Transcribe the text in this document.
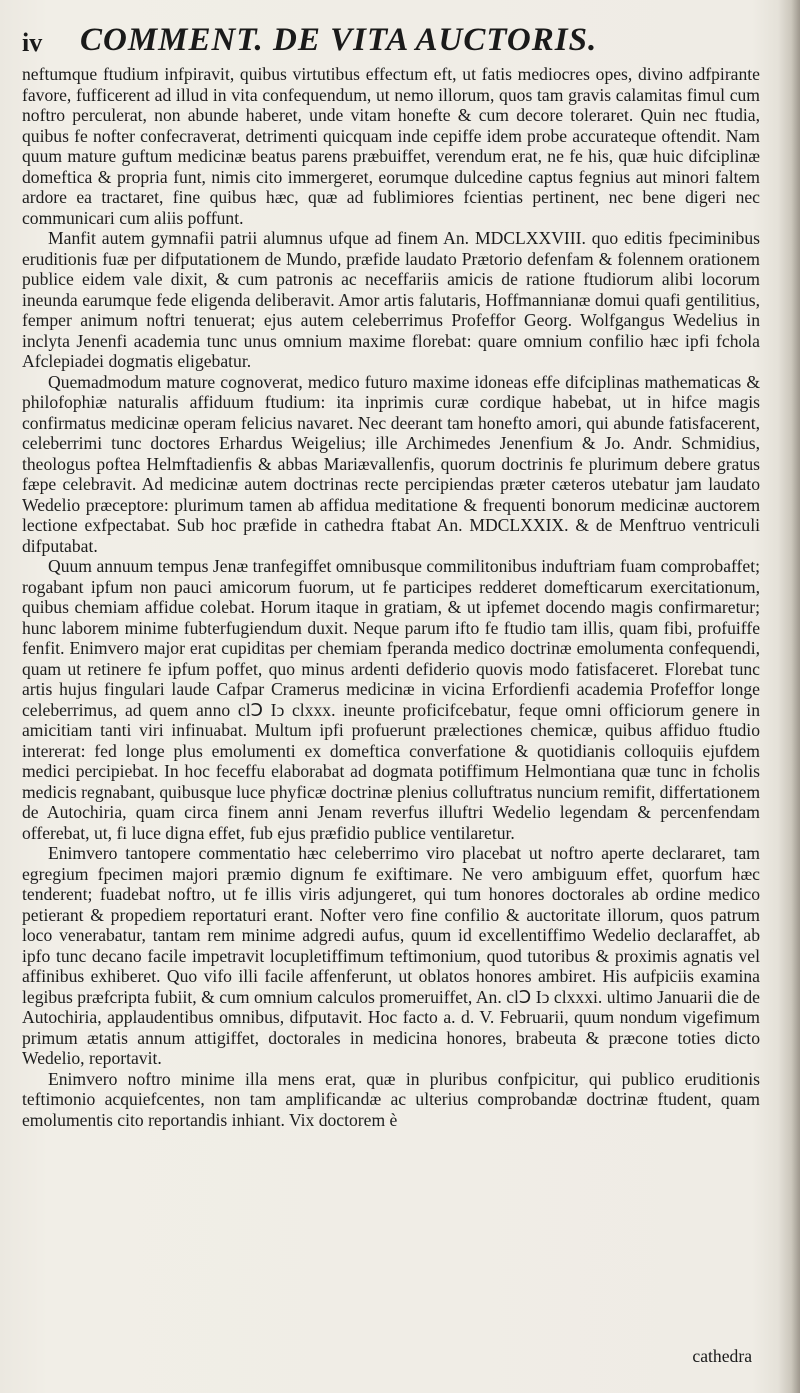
iv COMMENT. DE VITA AUCTORIS.

neftumque ftudium infpiravit, quibus virtutibus effectum eft, ut fatis mediocres opes, divino adfpirante favore, fufficerent ad illud in vita confequendum, ut nemo illorum, quos tam gravis calamitas fimul cum noftro perculerat, non abunde haberet, unde vitam honefte & cum decore toleraret. Quin nec ftudia, quibus fe nofter confecraverat, detrimenti quicquam inde cepiffe idem probe accurateque oftendit. Nam quum mature guftum medicinæ beatus parens præbuiffet, verendum erat, ne fe his, quæ huic difciplinæ domeftica & propria funt, nimis cito immergeret, eorumque dulcedine captus fegnius aut minori faltem ardore ea tractaret, fine quibus hæc, quæ ad fublimiores fcientias pertinent, nec bene digeri nec communicari cum aliis poffunt.

Manfit autem gymnafii patrii alumnus ufque ad finem An. MDCLXXVIII. quo editis fpeciminibus eruditionis fuæ per difputationem de Mundo, præfide laudato Prætorio defenfam & folennem orationem publice eidem vale dixit, & cum patronis ac neceffariis amicis de ratione ftudiorum alibi locorum ineunda earumque fede eligenda deliberavit. Amor artis falutaris, Hoffmannianæ domui quafi gentilitius, femper animum noftri tenuerat; ejus autem celeberrimus Profeffor Georg. Wolfgangus Wedelius in inclyta Jenenfi academia tunc unus omnium maxime florebat: quare omnium confilio hæc ipfi fchola Afclepiadei dogmatis eligebatur.

Quemadmodum mature cognoverat, medico futuro maxime idoneas effe difciplinas mathematicas & philofophiæ naturalis affiduum ftudium: ita inprimis curæ cordique habebat, ut in hifce magis confirmatus medicinæ operam felicius navaret. Nec deerant tam honefto amori, qui abunde fatisfacerent, celeberrimi tunc doctores Erhardus Weigelius; ille Archimedes Jenenfium & Jo. Andr. Schmidius, theologus poftea Helmftadienfis & abbas Mariævallenfis, quorum doctrinis fe plurimum debere gratus fæpe celebravit. Ad medicinæ autem doctrinas recte percipiendas præter cæteros utebatur jam laudato Wedelio præceptore: plurimum tamen ab affidua meditatione & frequenti bonorum medicinæ auctorem lectione exfpectabat. Sub hoc præfide in cathedra ftabat An. MDCLXXIX. & de Menftruo ventriculi difputabat.

Quum annuum tempus Jenæ tranfegiffet omnibusque commilitonibus induftriam fuam comprobaffet; rogabant ipfum non pauci amicorum fuorum, ut fe participes redderet domefticarum exercitationum, quibus chemiam affidue colebat. Horum itaque in gratiam, & ut ipfemet docendo magis confirmaretur; hunc laborem minime fubterfugiendum duxit. Neque parum ifto fe ftudio tam illis, quam fibi, profuiffe fenfit. Enimvero major erat cupiditas per chemiam fperanda medico doctrinæ emolumenta confequendi, quam ut retinere fe ipfum poffet, quo minus ardenti defiderio quovis modo fatisfaceret. Florebat tunc artis hujus fingulari laude Cafpar Cramerus medicinæ in vicina Erfordienfi academia Profeffor longe celeberrimus, ad quem anno clↃ Iↄ clxxx. ineunte proficifcebatur, feque omni officiorum genere in amicitiam tanti viri infinuabat. Multum ipfi profuerunt prælectiones chemicæ, quibus affiduo ftudio intererat: fed longe plus emolumenti ex domeftica converfatione & quotidianis colloquiis ejufdem medici percipiebat. In hoc feceffu elaborabat ad dogmata potiffimum Helmontiana quæ tunc in fcholis medicis regnabant, quibusque luce phyficæ doctrinæ plenius colluftratus nuncium remifit, differtationem de Autochiria, quam circa finem anni Jenam reverfus illuftri Wedelio legendam & percenfendam offerebat, ut, fi luce digna effet, fub ejus præfidio publice ventilaretur.

Enimvero tantopere commentatio hæc celeberrimo viro placebat ut noftro aperte declararet, tam egregium fpecimen majori præmio dignum fe exiftimare. Ne vero ambiguum effet, quorfum hæc tenderent; fuadebat noftro, ut fe illis viris adjungeret, qui tum honores doctorales ab ordine medico petierant & propediem reportaturi erant. Nofter vero fine confilio & auctoritate illorum, quos patrum loco venerabatur, tantam rem minime adgredi aufus, quum id excellentiffimo Wedelio declaraffet, ab ipfo tunc decano facile impetravit locupletiffimum teftimonium, quod tutoribus & proximis agnatis vel affinibus exhiberet. Quo vifo illi facile affenferunt, ut oblatos honores ambiret. His aufpiciis examina legibus præfcripta fubiit, & cum omnium calculos promeruiffet, An. clↃ Iↄ clxxxi. ultimo Januarii die de Autochiria, applaudentibus omnibus, difputavit. Hoc facto a. d. V. Februarii, quum nondum vigefimum primum ætatis annum attigiffet, doctorales in medicina honores, brabeuta & præcone toties dicto Wedelio, reportavit.

Enimvero noftro minime illa mens erat, quæ in pluribus confpicitur, qui publico eruditionis teftimonio acquiefcentes, non tam amplificandæ ac ulterius comprobandæ doctrinæ ftudent, quam emolumentis cito reportandis inhiant. Vix doctorem è

cathedra
